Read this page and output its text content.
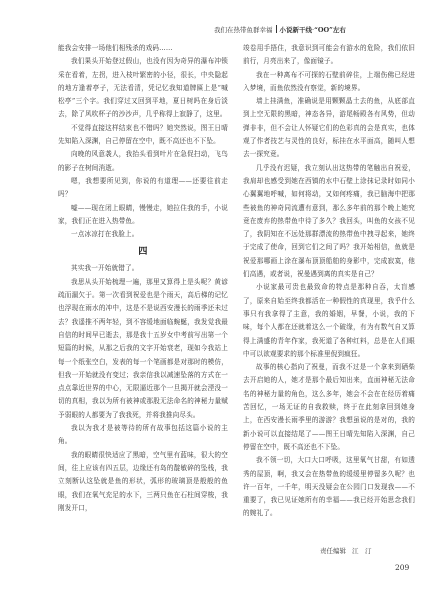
我们在热带鱼群幸福 小说新干线·“OO”左右

能我会安排一场他们相残杀的戏码……

我们果头开始登过假山，也没有因为奇异的瀑布冲锁采在看着，左拐，进入枝叶繁密的小径，很长，中央隐起的地方逢着亭子，无法看清，凭记忆我知道牌匾上是“喊松亭”三个字。我们穿过又回到平地，夏日树吗在身后淡去，除了风吹杯子的沙沙声，几乎称得上寂静了，这里。

不觉得直接这样结束也不错吗？她突然说，图王日晴先知陷入深渊，自己停留在空中，既不高还也不下坠。

向晚的风意袭人，我抬头看到叶片在急促扫动，飞鸟的影子在树间消逝。

嗯，我想要所见到，你说的有道理——还要往前走吗？

嘘——现在闭上眼睛，慢慢走，她拉住我的手，小说家，我们正在进入热带鱼。

一点冰凉打在我脸上。

四

其实我一开始就错了。

我思从头开始梳理一遍，那里又算得上是头呢？黄谚疏而漏欠于。第一次看到祝爱也是个雨天，高后梯的记忆也浮现在雨水的冲中，这是不是说西安漫长的雨季还未过去？我遥推不两年轻，到不容缓地面临蜿蜒，我发觉我最自信的时间早已逝去，那是我十五岁女中考前写出第一个短篇的时候，从那之后我的文字开始衰老，现如今我站上每一个纸张空白，发表的每一个笔画都是对那时的模仿，但我一开始就没有变过；我亲信我以减速坠落的方式在一点点靠近世界的中心，无限逼近那个一旦揭开就会湮没一切的真相，我以为所有被神或那股无法命名的神秘力量赋予弱眼的人都要为了我我死，并将我推向尽头。

我以为我才是被等待的所有故事包括这篇小说的主角。

我的眼睛很快适应了黑暗，空气里有蓝味，很大的空间，往上应该有四五层，边缘还有岛的靛敏碎的坠栈，我立刻断认这坠就是鱼的形状，弧形的玻璃顶是般般的鱼眼，我们在氧气充足的水下，三两只鱼在石柱间穿梭，我刚发开口，

竣卷用手捂住，我意识到可能会有游水的危险，我们依旧前行，月亮出来了，像面镜子。

我在一种离布不可探的石壁前碎住，上端伤佛已经进入梦境，而鱼依然没有察觉，新的境界。

墙上挂满鱼，准确说是用颗颗晶土去的鱼，从底部直到上空无限的黑暗，神态各异，游尾畅殿各有风势，但动弹非非，但不会让人怀疑它们的色彩真的会是真实，也体观了作者技艺与灵性的良好，标挂在水平面高，随叫人想去一探究竟。

几乎没有迟疑，我立刻认出这热带的笔触出自祝爱，我肩却也感受到她在西镇的水中石壁上涂抹记录时如同小心翼翼地呼喊，如何将动，又如何疼痛，我已脑海中把那些被鱼的神奇同流遭有意到，那么多年前的那个晚上她究竟在废弃的热带鱼中待了多久？我回头，叫鱼的女孩不见了，我阴知在不远处那群漂流的热带鱼中拽寻起来，她终于完成了使命，回到它们之间了吗？我开始相信，鱼就是祝爱那哪画上涂在瀑布顶顶船舶的身影中，完成寂寞，他们高遇，或者说，祝曼遇到离的真实是自己？

小说家最可贵也最致命的特点是那种自吞，太盲感了，原来自始至终我都活在一种假性的真现里，我乎什么事只有我拿得了主意，我的婚姻，早餐，小说，我的下味，每个人都在还就着这么一个破缘，有为有数气自又算得上满盛的青年作家，我死道了各种红料，总是在人们眼中可以欲观要求的那个标准里倪到疯狂。

故事的核心指向了祝曼，而我不过是一个拿来到硒柴去开启她的人，她才是那个最后知出来，直面神秘无法命名的神秘力量的角色，这么多年，她会不会在在经历着痛苦回忆，一场无证的自我救赎，终于在此刻拿回到她身上，在西安漫长雨季里的游游？我想虽说的是对的，我的新小说可以直接结尾了——图王日晴先知陷入深渊，自己停留在空中，既不高还也不下坠。

我不领一切，大口大口呼吸，这里氧气甘甜，有如透秀的屋顶，啊，我又会在热带鱼的缓缓里停留多久呢？也许一百年，一千年，明天没疑会在公园门口发现我——不重要了，我已见证她所有的幸福——我已经开始思念我们的婉礼了。

责任编辑 江　汀
209
